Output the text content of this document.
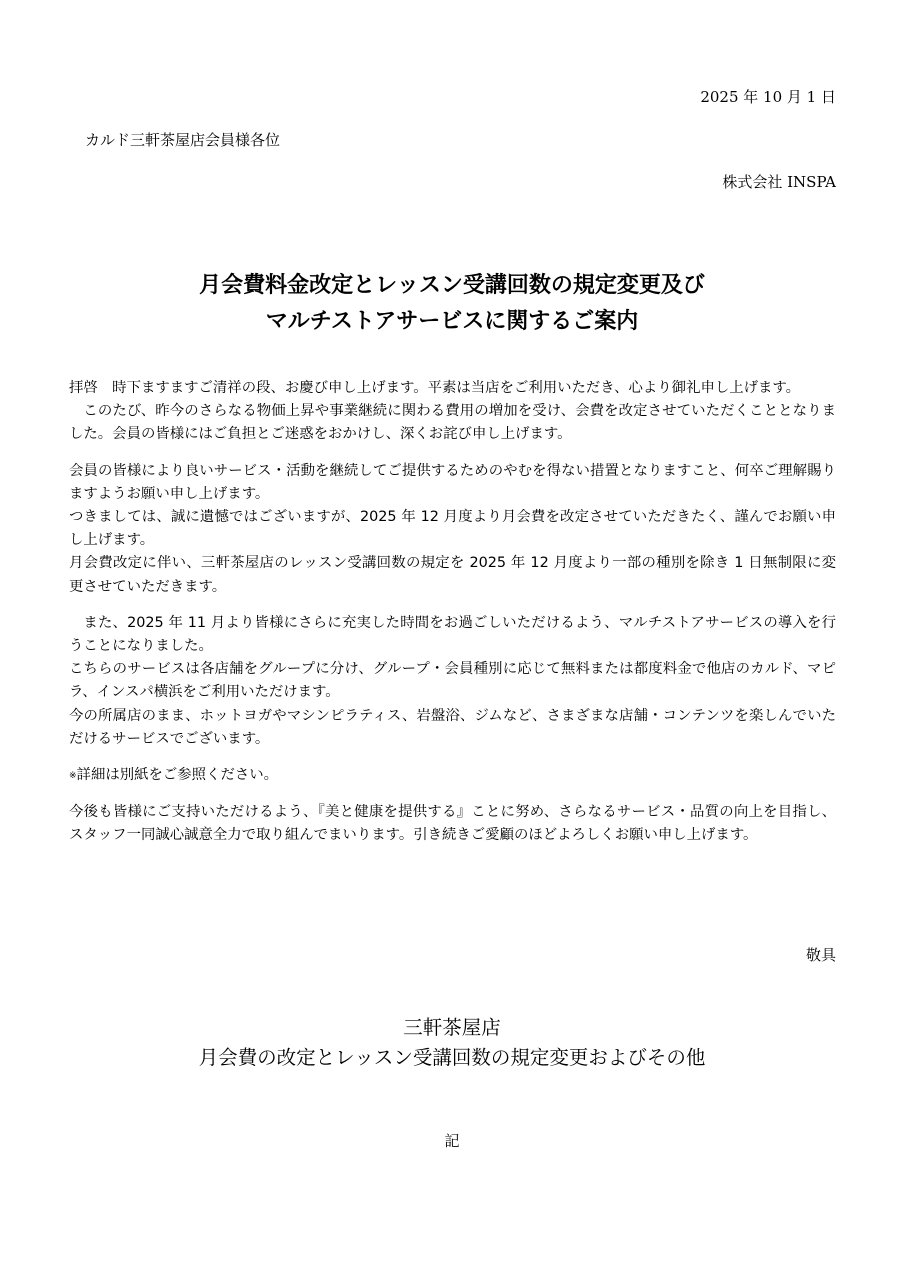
2025 年 10 月 1 日
カルド三軒茶屋店会員様各位
株式会社 INSPA
月会費料金改定とレッスン受講回数の規定変更及び
マルチストアサービスに関するご案内

拝啓　時下ますますご清祥の段、お慶び申し上げます。平素は当店をご利用いただき、心より御礼申し上げます。

このたび、昨今のさらなる物価上昇や事業継続に関わる費用の増加を受け、会費を改定させていただくこととなりました。会員の皆様にはご負担とご迷惑をおかけし、深くお詫び申し上げます。

会員の皆様により良いサービス・活動を継続してご提供するためのやむを得ない措置となりますこと、何卒ご理解賜りますようお願い申し上げます。

つきましては、誠に遺憾ではございますが、2025 年 12 月度より月会費を改定させていただきたく、謹んでお願い申し上げます。

月会費改定に伴い、三軒茶屋店のレッスン受講回数の規定を 2025 年 12 月度より一部の種別を除き 1 日無制限に変更させていただきます。

また、2025 年 11 月より皆様にさらに充実した時間をお過ごしいただけるよう、マルチストアサービスの導入を行うことになりました。

こちらのサービスは各店舗をグループに分け、グループ・会員種別に応じて無料または都度料金で他店のカルド、マピラ、インスパ横浜をご利用いただけます。

今の所属店のまま、ホットヨガやマシンピラティス、岩盤浴、ジムなど、さまざまな店舗・コンテンツを楽しんでいただけるサービスでございます。

※詳細は別紙をご参照ください。

今後も皆様にご支持いただけるよう、『美と健康を提供する』ことに努め、さらなるサービス・品質の向上を目指し、スタッフ一同誠心誠意全力で取り組んでまいります。引き続きご愛顧のほどよろしくお願い申し上げます。

敬具
三軒茶屋店
月会費の改定とレッスン受講回数の規定変更およびその他
記
